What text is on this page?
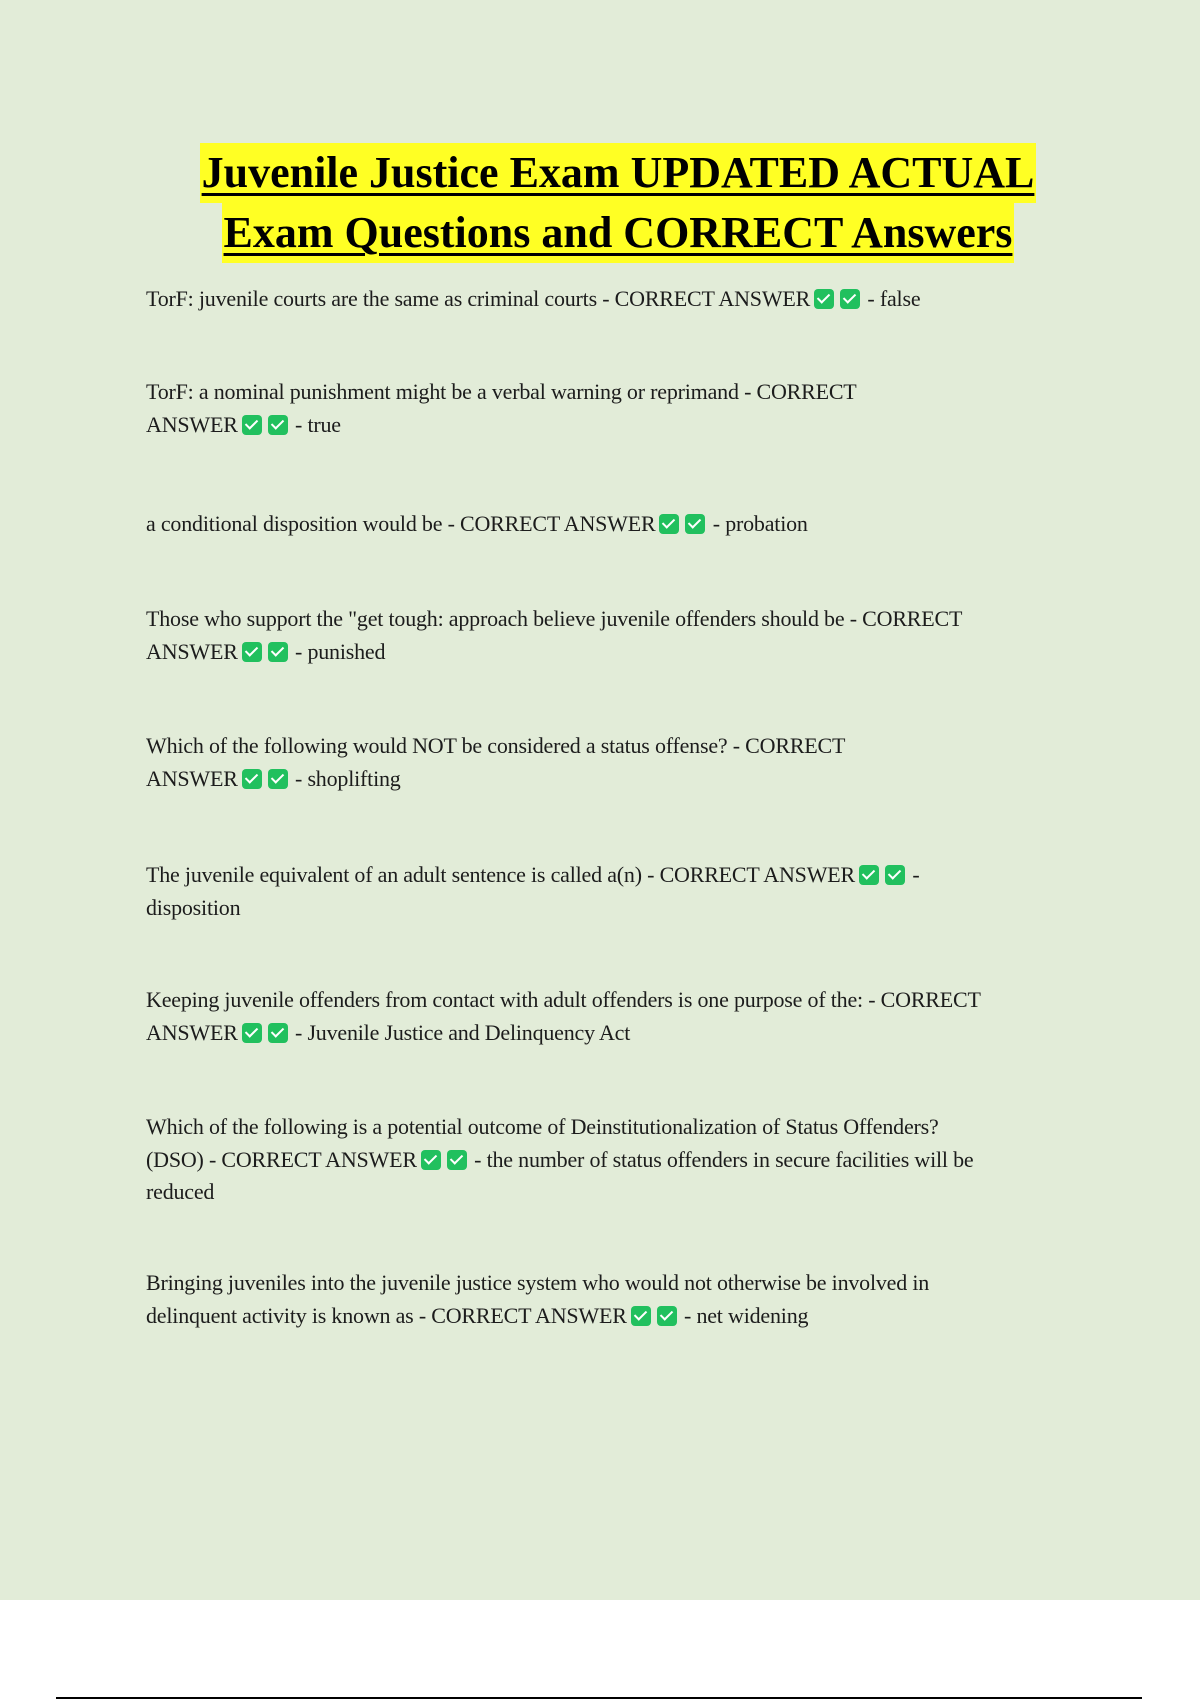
Juvenile Justice Exam UPDATED ACTUAL
Exam Questions and CORRECT Answers
TorF: juvenile courts are the same as criminal courts - CORRECT ANSWER	- false
TorF: a nominal punishment might be a verbal warning or reprimand - CORRECT
ANSWER	- true
a conditional disposition would be - CORRECT ANSWER	- probation
Those who support the "get tough: approach believe juvenile offenders should be - CORRECT
ANSWER	- punished
Which of the following would NOT be considered a status offense? - CORRECT
ANSWER	- shoplifting
The juvenile equivalent of an adult sentence is called a(n) - CORRECT ANSWER	-
disposition
Keeping juvenile offenders from contact with adult offenders is one purpose of the: - CORRECT
ANSWER	- Juvenile Justice and Delinquency Act
Which of the following is a potential outcome of Deinstitutionalization of Status Offenders?
(DSO) - CORRECT ANSWER	- the number of status offenders in secure facilities will be
reduced
Bringing juveniles into the juvenile justice system who would not otherwise be involved in
delinquent activity is known as - CORRECT ANSWER	- net widening
